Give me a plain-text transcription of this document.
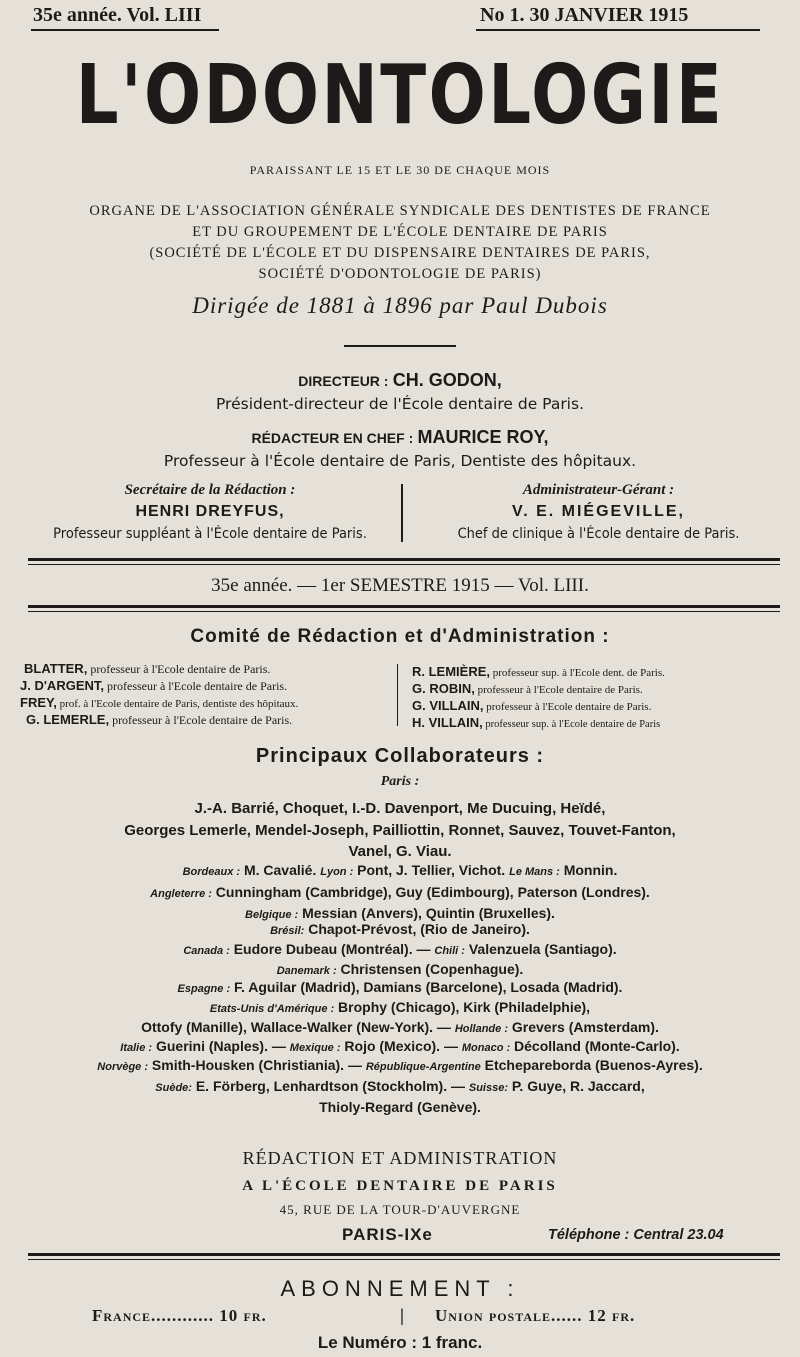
35e année. Vol. LIII	No 1. 30 JANVIER 1915
L'ODONTOLOGIE
PARAISSANT LE 15 ET LE 30 DE CHAQUE MOIS
ORGANE DE L'ASSOCIATION GÉNÉRALE SYNDICALE DES DENTISTES DE FRANCE
ET DU GROUPEMENT DE L'ÉCOLE DENTAIRE DE PARIS
(SOCIÉTÉ DE L'ÉCOLE ET DU DISPENSAIRE DENTAIRES DE PARIS,
SOCIÉTÉ D'ODONTOLOGIE DE PARIS)
Dirigée de 1881 à 1896 par Paul Dubois
DIRECTEUR : CH. GODON,
Président-directeur de l'École dentaire de Paris.
RÉDACTEUR EN CHEF : MAURICE ROY,
Professeur à l'École dentaire de Paris, Dentiste des hôpitaux.
Secrétaire de la Rédaction :
HENRI DREYFUS,
Professeur suppléant à l'École dentaire de Paris.
Administrateur-Gérant :
V. E. MIÉGEVILLE,
Chef de clinique à l'École dentaire de Paris.
35e année. — 1er SEMESTRE 1915 — Vol. LIII.
Comité de Rédaction et d'Administration :
BLATTER, professeur à l'Ecole dentaire de Paris.
J. D'ARGENT, professeur à l'Ecole dentaire de Paris.
FREY, prof. à l'Ecole dentaire de Paris, dentiste des hôpitaux.
G. LEMERLE, professeur à l'Ecole dentaire de Paris.
R. LEMIÈRE, professeur sup. à l'Ecole dent. de Paris.
G. ROBIN, professeur à l'Ecole dentaire de Paris.
G. VILLAIN, professeur à l'Ecole dentaire de Paris.
H. VILLAIN, professeur sup. à l'Ecole dentaire de Paris
Principaux Collaborateurs :
Paris :
J.-A. Barrié, Choquet, I.-D. Davenport, Me Ducuing, Heïdé,
Georges Lemerle, Mendel-Joseph, Pailliottin, Ronnet, Sauvez, Touvet-Fanton,
Vanel, G. Viau.
Bordeaux : M. Cavalié. Lyon : Pont, J. Tellier, Vichot. Le Mans : Monnin.
Angleterre : Cunningham (Cambridge), Guy (Edimbourg), Paterson (Londres).
Belgique : Messian (Anvers), Quintin (Bruxelles).
Brésil: Chapot-Prévost, (Rio de Janeiro).
Canada : Eudore Dubeau (Montréal). — Chili : Valenzuela (Santiago).
Danemark : Christensen (Copenhague).
Espagne : F. Aguilar (Madrid), Damians (Barcelone), Losada (Madrid).
Etats-Unis d'Amérique : Brophy (Chicago), Kirk (Philadelphie),
Ottofy (Manille), Wallace-Walker (New-York). — Hollande : Grevers (Amsterdam).
Italie : Guerini (Naples). — Mexique : Rojo (Mexico). — Monaco : Décolland (Monte-Carlo).
Norvège : Smith-Housken (Christiania). — République-Argentine Etchepareborda (Buenos-Ayres).
Suède: E. Förberg, Lenhardtson (Stockholm). — Suisse: P. Guye, R. Jaccard,
Thioly-Regard (Genève).
RÉDACTION ET ADMINISTRATION
A L'ÉCOLE DENTAIRE DE PARIS
45, RUE DE LA TOUR-D'AUVERGNE
PARIS-IXe	Téléphone : Central 23.04
ABONNEMENT :
France............ 10 fr.	| Union postale...... 12 fr.
Le Numéro : 1 franc.
